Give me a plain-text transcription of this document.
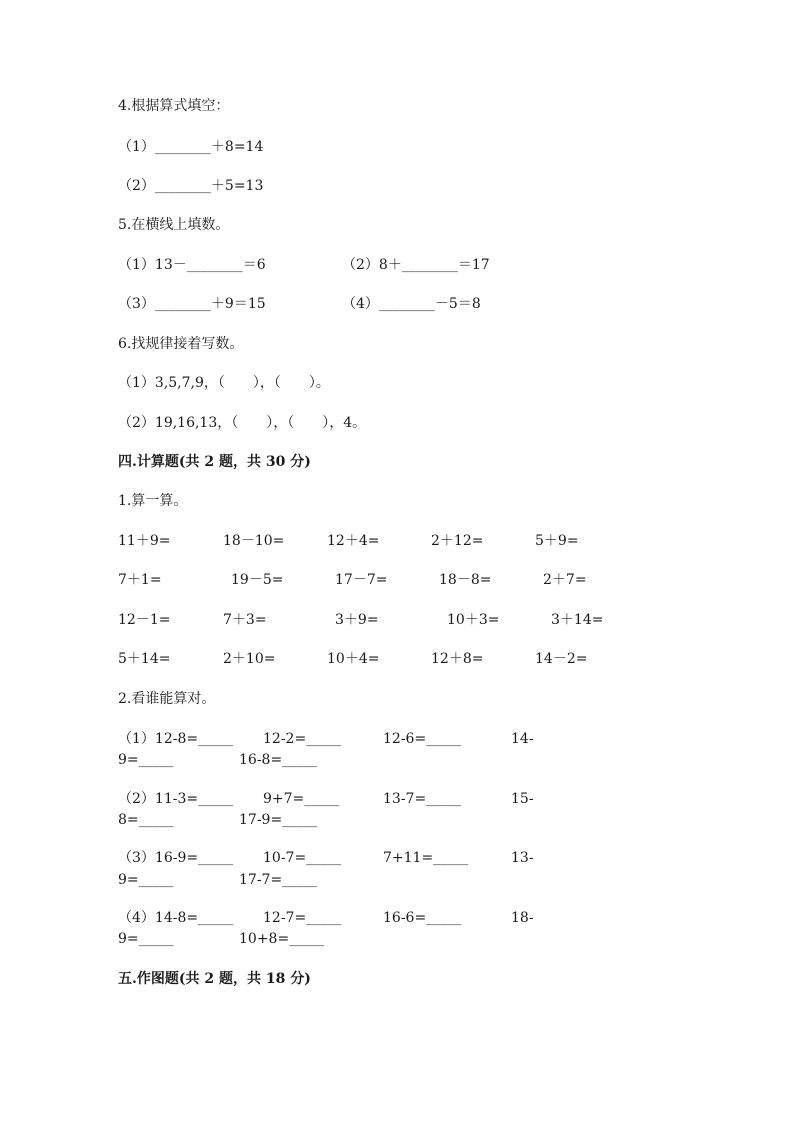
4.根据算式填空：
（1）________＋8=14
（2）________＋5=13
5.在横线上填数。
（1）13－________＝6	（2）8＋________＝17
（3）________＋9＝15	（4）________－5＝8
6.找规律接着写数。
（1）3,5,7,9，（　　），（　　）。
（2）19,16,13，（　　），（　　），4。
四.计算题(共 2 题，共 30 分)
1.算一算。
11＋9=	18－10=	12＋4=	2＋12=	5＋9=
7＋1=	19－5=	17－7=	18－8=	2＋7=
12－1=	7＋3=	3＋9=	10＋3=	3＋14=
5＋14=	2＋10=	10＋4=	12＋8=	14－2=
2.看谁能算对。
（1）12-8=_____ 12-2=_____	12-6=_____	14-
9=_____	16-8=_____
（2）11-3=_____ 9+7=_____	13-7=_____	15-
8=_____	17-9=_____
（3）16-9=_____ 10-7=_____	7+11=_____	13-
9=_____	17-7=_____
（4）14-8=_____ 12-7=_____	16-6=_____	18-
9=_____	10+8=_____
五.作图题(共 2 题，共 18 分)
